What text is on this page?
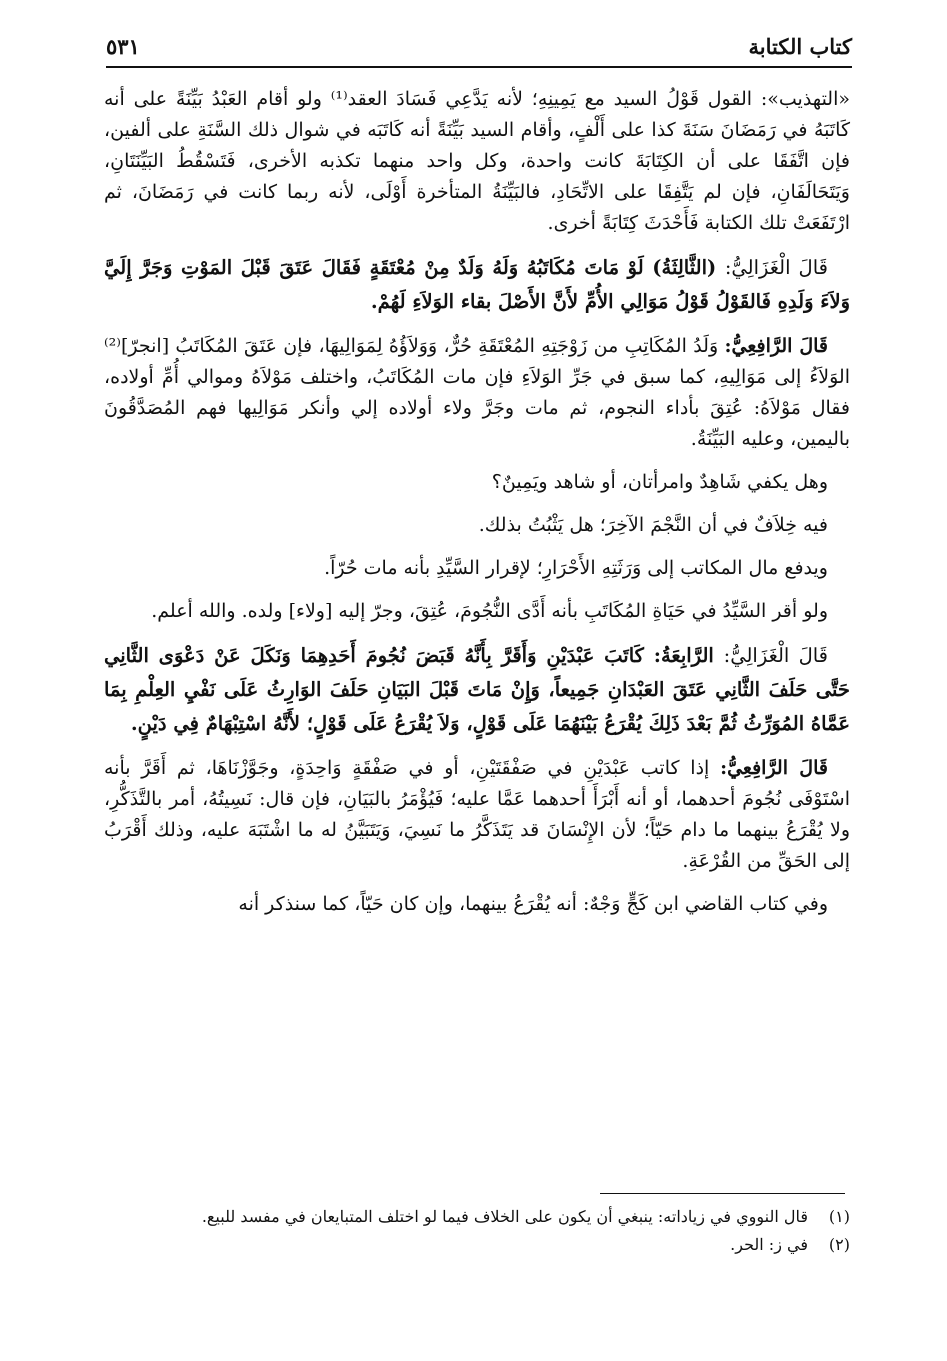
كتاب الكتابة
٥٣١

«التهذيب»: القول قَوْلُ السيد مع يَمِينِهِ؛ لأنه يَدَّعِي فَسَادَ العقد⁽¹⁾ ولو أقام العَبْدُ بَيِّنَةً على أنه كَاتَبَهُ في رَمَضَانَ سَنَةَ كذا على أَلْفٍ، وأقام السيد بَيِّنَةً أنه كَاتَبَه في شوال ذلك السَّنَةِ على ألفين، فإن اتَّفَقَا على أن الكِتَابَةَ كانت واحدة، وكل واحد منهما تكذبه الأخرى، فَتَسْقُطُ البَيِّنَتَانِ، وَيَتَحَالَفَانِ، فإن لم يَتَّفِقَا على الاتِّحَادِ، فالبَيِّنَةُ المتأخرة أَوْلَى، لأنه ربما كانت في رَمَضَانَ، ثم ارْتَفَعَتْ تلك الكتابة فَأَحْدَثَ كِتَابَةً أخرى.

قَالَ الْغَزَالِيُّ: (الثَّالِثَةُ) لَوْ مَاتَ مُكَاتَبُهُ وَلَهُ وَلَدٌ مِنْ مُعْتَقَةٍ فَقَالَ عَتَقَ قَبْلَ المَوْتِ وَجَرَّ إِلَيَّ وَلاَءَ وَلَدِهِ فَالقَوْلُ قَوْلُ مَوَالِي الأُمِّ لأَنَّ الأَصْلَ بقاء الوَلاَءِ لَهُمْ.

قَالَ الرَّافِعِيُّ: وَلَدُ المُكَاتِبِ من زَوْجَتِهِ المُعْتَقَةِ حُرٌّ، وَوَلاَؤُهُ لِمَوَالِيهَا، فإن عَتَقَ المُكَاتَبُ [انجرّ]⁽²⁾ الوَلاَءُ إلى مَوَالِيهِ، كما سبق في جَرِّ الوَلاَءِ فإن مات المُكَاتَبُ، واختلف مَوْلاَهُ وموالي أُمِّ أولاده، فقال مَوْلاَهُ: عُتِقَ بأداء النجوم، ثم مات وجَرَّ ولاء أولاده إلي وأنكر مَوَالِيها فهم المُصَدَّقُونَ باليمين، وعليه البَيِّنَةُ.

وهل يكفي شَاهِدٌ وامرأتان، أو شاهد ويَمِينٌ؟

فيه خِلاَفٌ في أن النَّجْمَ الآخِرَ؛ هل يَثْبُتُ بذلك.

ويدفع مال المكاتب إلى وَرَثَتِهِ الأَحْرَارِ؛ لإقرار السَّيِّدِ بأنه مات حُرّاً.

ولو أقر السَّيِّدُ في حَيَاةِ المُكَاتَبِ بأنه أَدَّى النُّجُومَ، عُتِقَ، وجرّ إليه [ولاء] ولده. والله أعلم.

قَالَ الْغَزَالِيُّ: الرَّابِعَةُ: كَاتَبَ عَبْدَيْنِ وَأَقَرَّ بِأَنَّهُ قَبَضَ نُجُومَ أَحَدِهِمَا وَنَكَلَ عَنْ دَعْوَى الثَّانِي حَتَّى حَلَفَ الثَّانِي عَتَقَ العَبْدَانِ جَمِيعاً، وَإِنْ مَاتَ قَبْلَ البَيَانِ حَلَفَ الوَارِثُ عَلَى نَفْيِ العِلْمِ بِمَا عَمَّاهُ المُوَرِّثُ ثُمَّ بَعْدَ ذَلِكَ يُقْرَعُ بَيْنَهُمَا عَلَى قَوْلٍ، وَلاَ يُقْرَعُ عَلَى قَوْلٍ؛ لأَنَّهُ اسْتِبْهَامٌ فِي دَيْنٍ.

قَالَ الرَّافِعِيُّ: إذا كاتب عَبْدَيْنِ في صَفْقَتَيْنِ، أو في صَفْقَةٍ وَاحِدَةٍ، وجَوَّزْنَاهَا، ثم أَقَرَّ بأنه اسْتَوْفَى نُجُومَ أحدهما، أو أنه أَبْرَأَ أحدهما عَمَّا عليه؛ فَيُؤْمَرُ بالبَيَانِ، فإن قال: نَسِيتُهُ، أمر بالتَّذَكُّرِ، ولا يُقْرَعُ بينهما ما دام حَيّاً؛ لأن الإِنْسَانَ قد يَتَذَكَّرُ ما نَسِيَ، وَيَتَبَيَّنُ له ما اشْتَبَهَ عليه، وذلك أَقْرَبُ إلى الحَقِّ من القُرْعَةِ.

وفي كتاب القاضي ابن كَجٍّ وَجْهٌ: أنه يُقْرَعُ بينهما، وإن كان حَيّاً، كما سنذكر أنه

(١)
قال النووي في زياداته: ينبغي أن يكون على الخلاف فيما لو اختلف المتبايعان في مفسد للبيع.
(٢)
في ز: الحر.
